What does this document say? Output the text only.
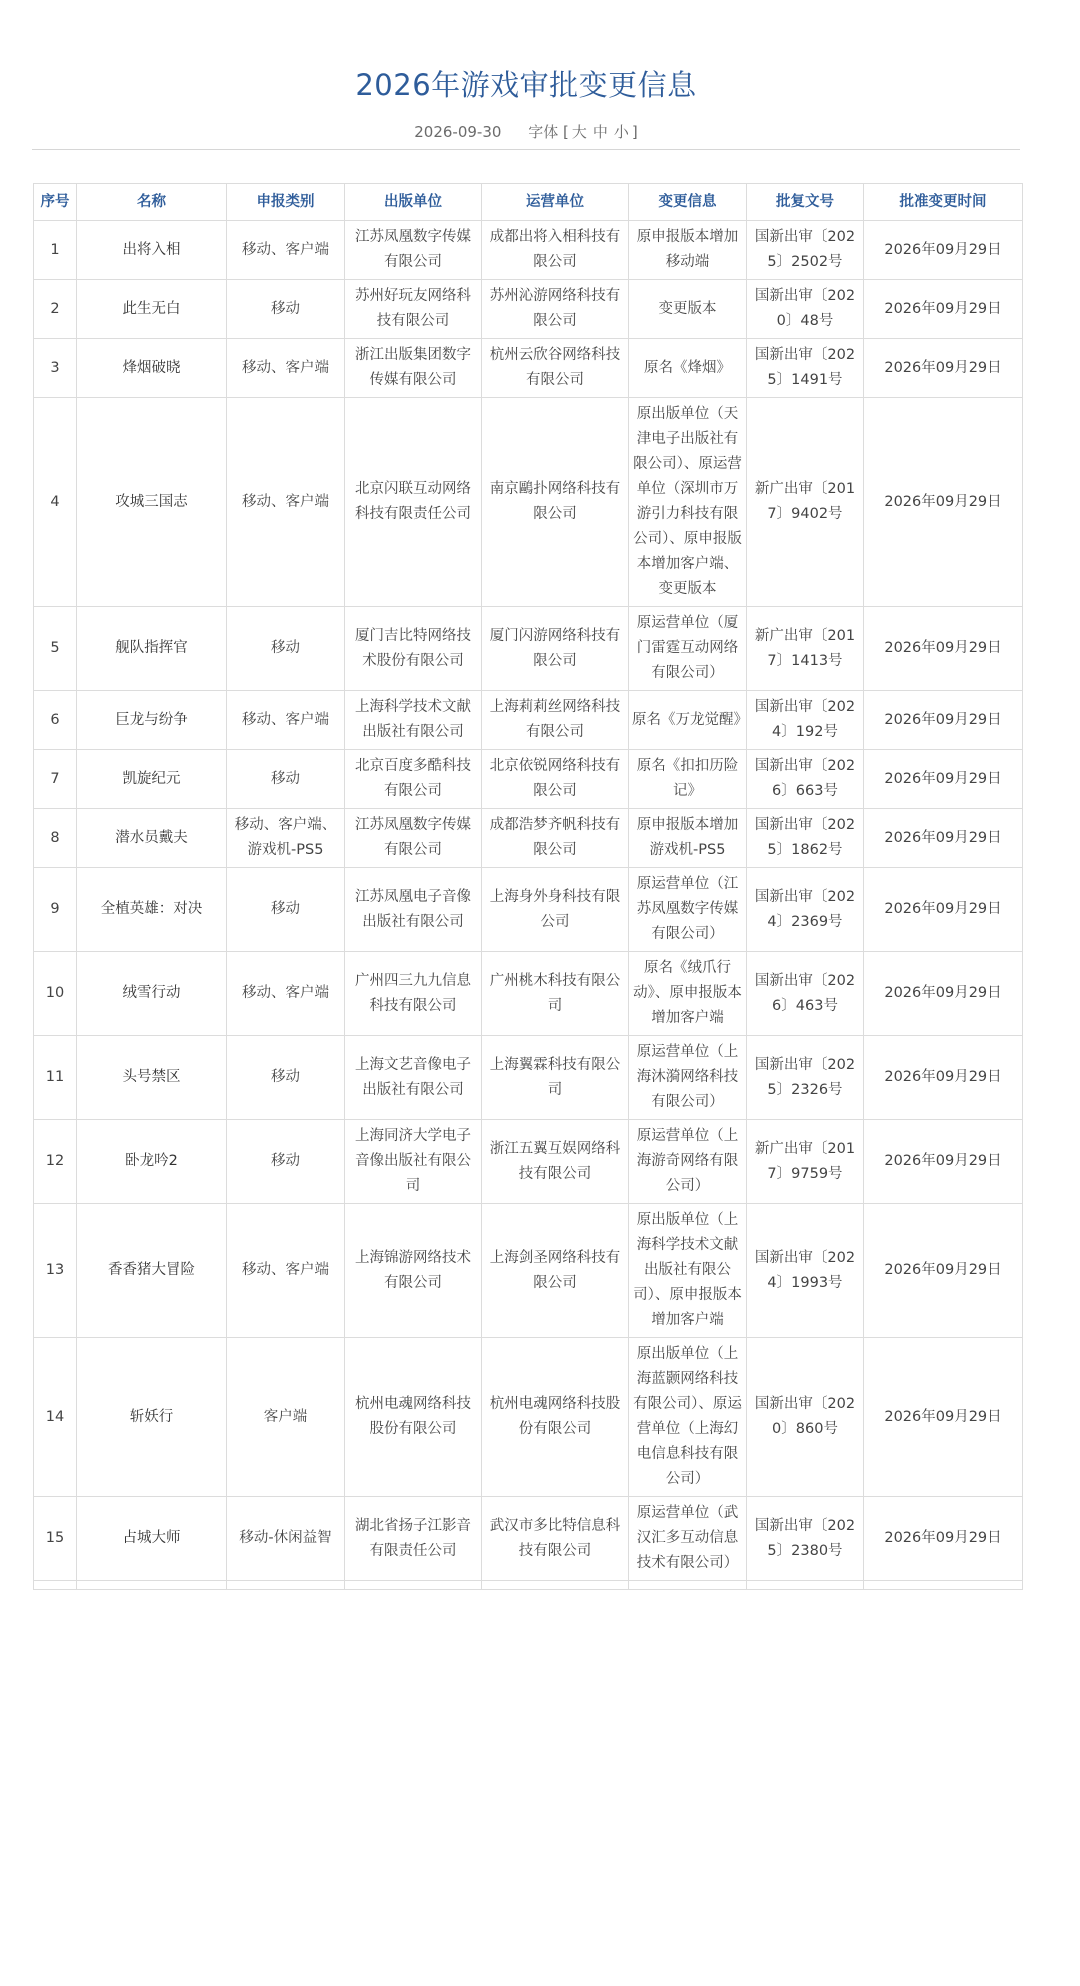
2026年游戏审批变更信息
2026-09-30 字体 [ 大 中 小 ]
序号	名称	申报类别	出版单位	运营单位	变更信息	批复文号	批准变更时间
1	出将入相	移动、客户端	江苏凤凰数字传媒有限公司	成都出将入相科技有限公司	原申报版本增加移动端	国新出审〔2025〕2502号	2026年09月29日
2	此生无白	移动	苏州好玩友网络科技有限公司	苏州沁游网络科技有限公司	变更版本	国新出审〔2020〕48号	2026年09月29日
3	烽烟破晓	移动、客户端	浙江出版集团数字传媒有限公司	杭州云欣谷网络科技有限公司	原名《烽烟》	国新出审〔2025〕1491号	2026年09月29日
4	攻城三国志	移动、客户端	北京闪联互动网络科技有限责任公司	南京鷗扑网络科技有限公司	原出版单位（天津电子出版社有限公司）、原运营单位（深圳市万游引力科技有限公司）、原申报版本增加客户端、变更版本	新广出审〔2017〕9402号	2026年09月29日
5	舰队指挥官	移动	厦门吉比特网络技术股份有限公司	厦门闪游网络科技有限公司	原运营单位（厦门雷霆互动网络有限公司）	新广出审〔2017〕1413号	2026年09月29日
6	巨龙与纷争	移动、客户端	上海科学技术文献出版社有限公司	上海莉莉丝网络科技有限公司	原名《万龙觉醒》	国新出审〔2024〕192号	2026年09月29日
7	凯旋纪元	移动	北京百度多酷科技有限公司	北京依锐网络科技有限公司	原名《扣扣历险记》	国新出审〔2026〕663号	2026年09月29日
8	潜水员戴夫	移动、客户端、游戏机-PS5	江苏凤凰数字传媒有限公司	成都浩梦齐帆科技有限公司	原申报版本增加游戏机-PS5	国新出审〔2025〕1862号	2026年09月29日
9	全植英雄：对决	移动	江苏凤凰电子音像出版社有限公司	上海身外身科技有限公司	原运营单位（江苏凤凰数字传媒有限公司）	国新出审〔2024〕2369号	2026年09月29日
10	绒雪行动	移动、客户端	广州四三九九信息科技有限公司	广州桃木科技有限公司	原名《绒爪行动》、原申报版本增加客户端	国新出审〔2026〕463号	2026年09月29日
11	头号禁区	移动	上海文艺音像电子出版社有限公司	上海翼霖科技有限公司	原运营单位（上海沐漪网络科技有限公司）	国新出审〔2025〕2326号	2026年09月29日
12	卧龙吟2	移动	上海同济大学电子音像出版社有限公司	浙江五翼互娱网络科技有限公司	原运营单位（上海游奇网络有限公司）	新广出审〔2017〕9759号	2026年09月29日
13	香香猪大冒险	移动、客户端	上海锦游网络技术有限公司	上海剑圣网络科技有限公司	原出版单位（上海科学技术文献出版社有限公司）、原申报版本增加客户端	国新出审〔2024〕1993号	2026年09月29日
14	斩妖行	客户端	杭州电魂网络科技股份有限公司	杭州电魂网络科技股份有限公司	原出版单位（上海蓝颢网络科技有限公司）、原运营单位（上海幻电信息科技有限公司）	国新出审〔2020〕860号	2026年09月29日
15	占城大师	移动-休闲益智	湖北省扬子江影音有限责任公司	武汉市多比特信息科技有限公司	原运营单位（武汉汇多互动信息技术有限公司）	国新出审〔2025〕2380号	2026年09月29日
